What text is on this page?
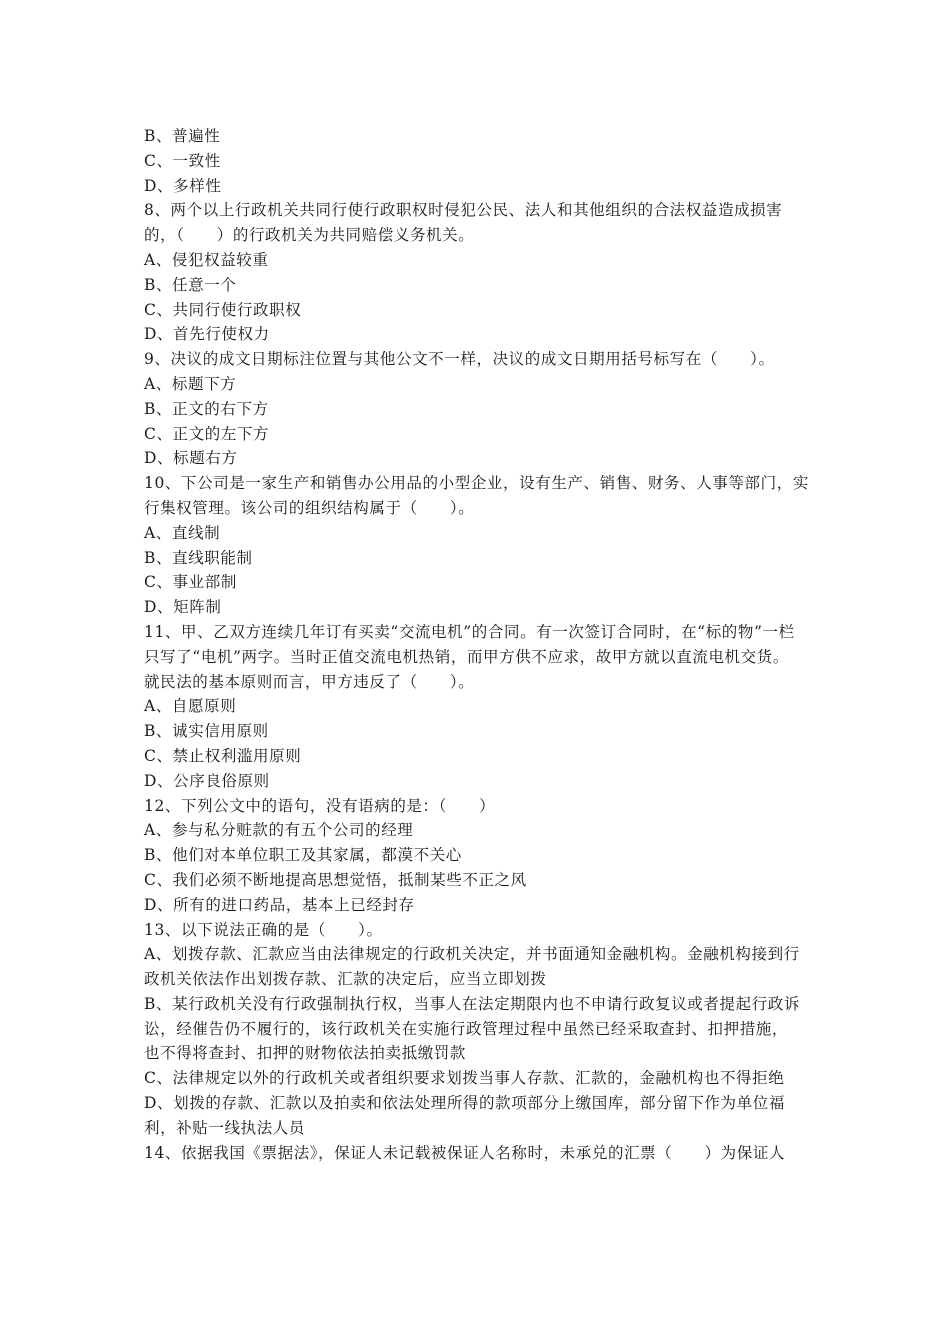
B、普遍性
C、一致性
D、多样性
8、两个以上行政机关共同行使行政职权时侵犯公民、法人和其他组织的合法权益造成损害的，（　　）的行政机关为共同赔偿义务机关。
A、侵犯权益较重
B、任意一个
C、共同行使行政职权
D、首先行使权力
9、决议的成文日期标注位置与其他公文不一样，决议的成文日期用括号标写在（　　）。
A、标题下方
B、正文的右下方
C、正文的左下方
D、标题右方
10、下公司是一家生产和销售办公用品的小型企业，设有生产、销售、财务、人事等部门，实行集权管理。该公司的组织结构属于（　　）。
A、直线制
B、直线职能制
C、事业部制
D、矩阵制
11、甲、乙双方连续几年订有买卖“交流电机”的合同。有一次签订合同时，在“标的物”一栏只写了“电机”两字。当时正值交流电机热销，而甲方供不应求，故甲方就以直流电机交货。
就民法的基本原则而言，甲方违反了（　　）。
A、自愿原则
B、诚实信用原则
C、禁止权利滥用原则
D、公序良俗原则
12、下列公文中的语句，没有语病的是：（　　）
A、参与私分赃款的有五个公司的经理
B、他们对本单位职工及其家属，都漠不关心
C、我们必须不断地提高思想觉悟，抵制某些不正之风
D、所有的进口药品，基本上已经封存
13、以下说法正确的是（　　）。
A、划拨存款、汇款应当由法律规定的行政机关决定，并书面通知金融机构。金融机构接到行政机关依法作出划拨存款、汇款的决定后，应当立即划拨
B、某行政机关没有行政强制执行权，当事人在法定期限内也不申请行政复议或者提起行政诉讼，经催告仍不履行的，该行政机关在实施行政管理过程中虽然已经采取查封、扣押措施，
也不得将查封、扣押的财物依法拍卖抵缴罚款
C、法律规定以外的行政机关或者组织要求划拨当事人存款、汇款的，金融机构也不得拒绝
D、划拨的存款、汇款以及拍卖和依法处理所得的款项部分上缴国库，部分留下作为单位福利，补贴一线执法人员
14、依据我国《票据法》，保证人未记载被保证人名称时，未承兑的汇票（　　）为保证人
